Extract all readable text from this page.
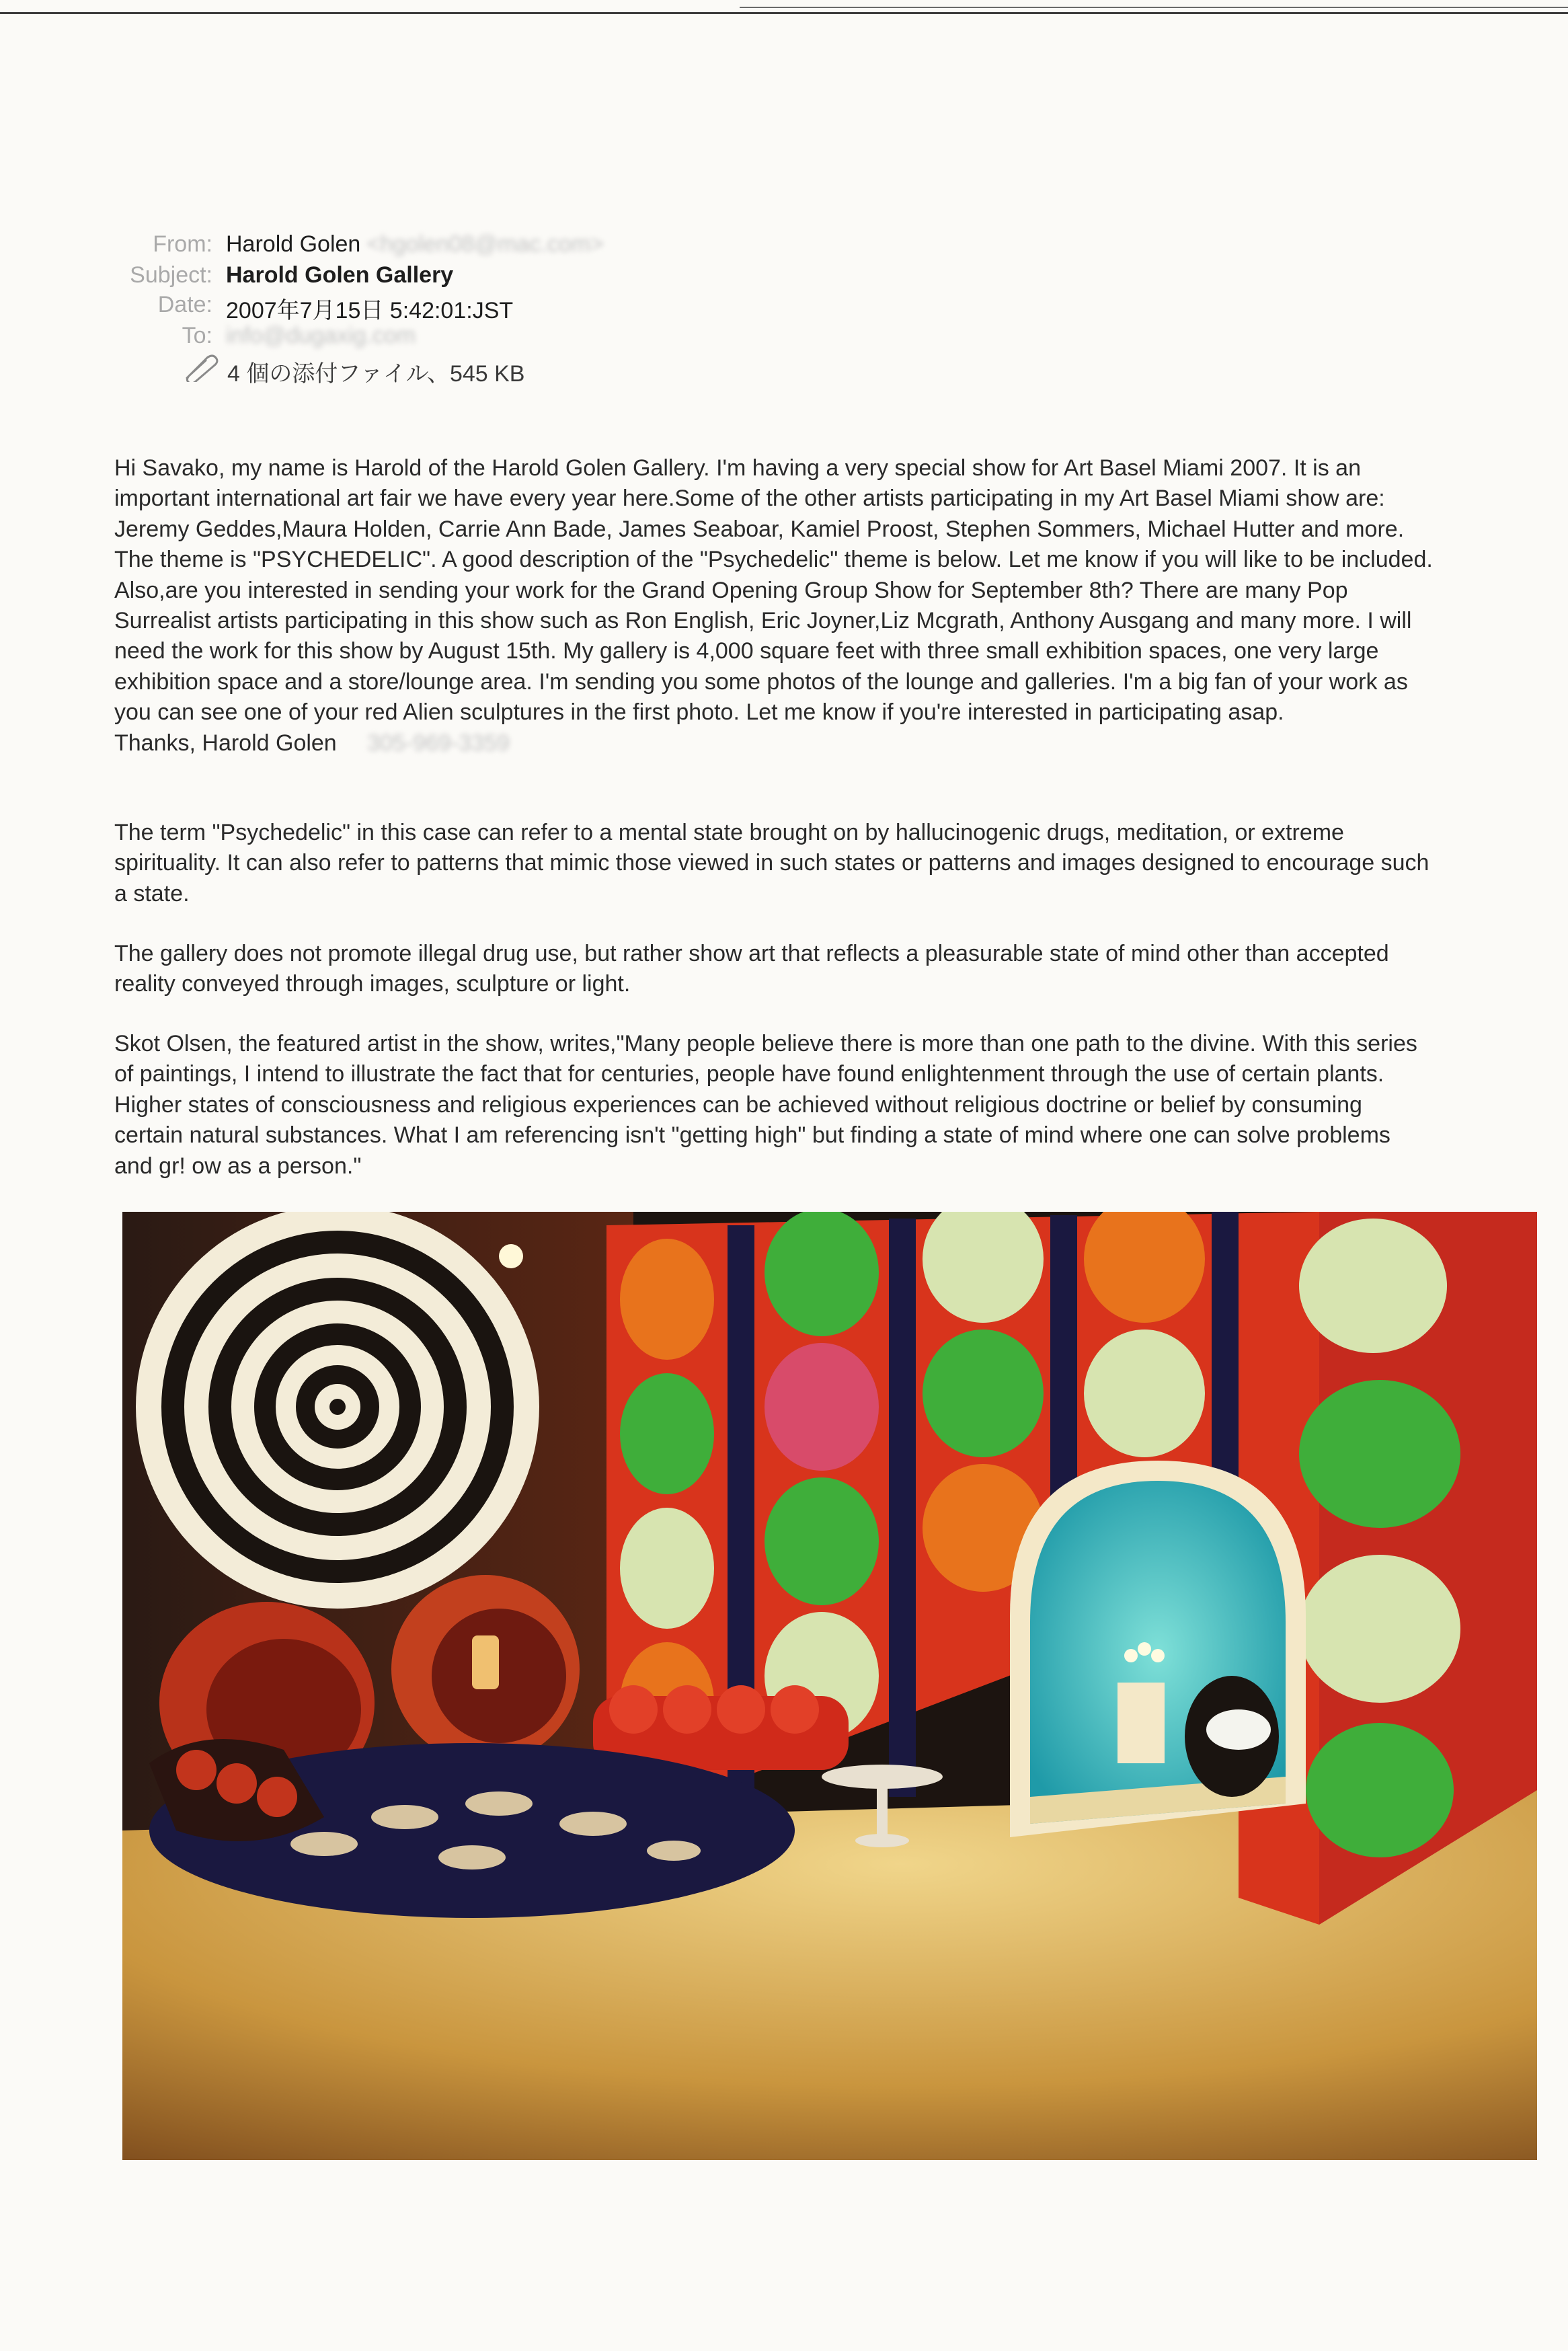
From: Harold Golen <hgolen08@mac.com>
Subject: Harold Golen Gallery
Date: 2007年7月15日 5:42:01:JST
To: info@dugaxig.com
4 個の添付ファイル、545 KB
Hi Savako, my name is Harold of the Harold Golen Gallery. I'm having a very special show for Art Basel Miami 2007. It is an
important international art fair we have every year here.Some of the other artists participating in my Art Basel Miami show are:
Jeremy Geddes,Maura Holden, Carrie Ann Bade, James Seaboar, Kamiel Proost, Stephen Sommers, Michael Hutter and more.
The theme is "PSYCHEDELIC". A good description of the "Psychedelic" theme is below. Let me know if you will like to be included.
Also,are you interested in sending your work for the Grand Opening Group Show for September 8th? There are many Pop
Surrealist artists participating in this show such as Ron English, Eric Joyner,Liz Mcgrath, Anthony Ausgang and many more. I will
need the work for this show by August 15th. My gallery is 4,000 square feet with three small exhibition spaces, one very large
exhibition space and a store/lounge area. I'm sending you some photos of the lounge and galleries. I'm a big fan of your work as
you can see one of your red Alien sculptures in the first photo. Let me know if you're interested in participating asap.
Thanks, Harold Golen 305-969-3359
The term "Psychedelic" in this case can refer to a mental state brought on by hallucinogenic drugs, meditation, or extreme
spirituality. It can also refer to patterns that mimic those viewed in such states or patterns and images designed to encourage such
a state.
The gallery does not promote illegal drug use, but rather show art that reflects a pleasurable state of mind other than accepted
reality conveyed through images, sculpture or light.
Skot Olsen, the featured artist in the show, writes,"Many people believe there is more than one path to the divine. With this series
of paintings, I intend to illustrate the fact that for centuries, people have found enlightenment through the use of certain plants.
Higher states of consciousness and religious experiences can be achieved without religious doctrine or belief by consuming
certain natural substances. What I am referencing isn't "getting high" but finding a state of mind where one can solve problems
and gr! ow as a person."
